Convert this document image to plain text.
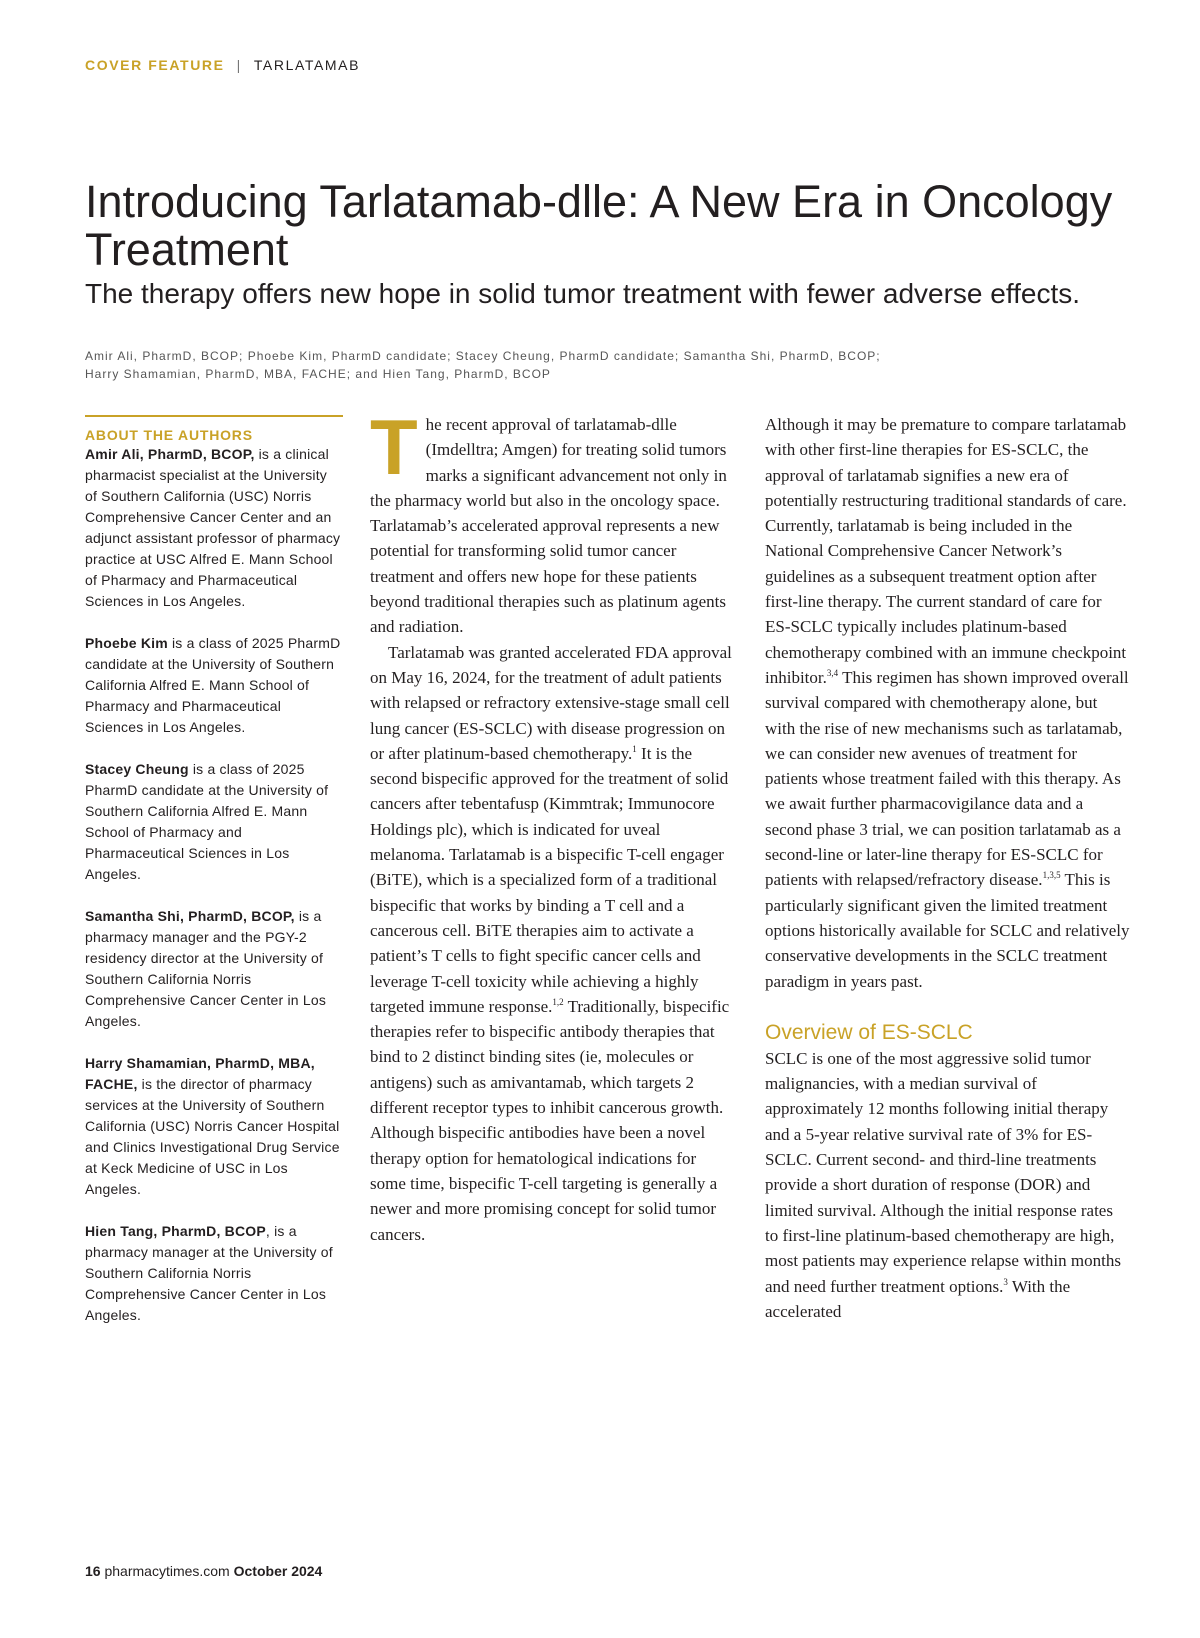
COVER FEATURE | TARLATAMAB
Introducing Tarlatamab-dlle: A New Era in Oncology Treatment
The therapy offers new hope in solid tumor treatment with fewer adverse effects.

Amir Ali, PharmD, BCOP; Phoebe Kim, PharmD candidate; Stacey Cheung, PharmD candidate; Samantha Shi, PharmD, BCOP;
Harry Shamamian, PharmD, MBA, FACHE; and Hien Tang, PharmD, BCOP

ABOUT THE AUTHORS

Amir Ali, PharmD, BCOP, is a clinical pharmacist specialist at the University of Southern California (USC) Norris Comprehensive Cancer Center and an adjunct assistant professor of pharmacy practice at USC Alfred E. Mann School of Pharmacy and Pharmaceutical Sciences in Los Angeles.

Phoebe Kim is a class of 2025 PharmD candidate at the University of Southern California Alfred E. Mann School of Pharmacy and Pharmaceutical Sciences in Los Angeles.

Stacey Cheung is a class of 2025 PharmD candidate at the University of Southern California Alfred E. Mann School of Pharmacy and Pharmaceutical Sciences in Los Angeles.

Samantha Shi, PharmD, BCOP, is a pharmacy manager and the PGY-2 residency director at the University of Southern California Norris Comprehensive Cancer Center in Los Angeles.

Harry Shamamian, PharmD, MBA, FACHE, is the director of pharmacy services at the University of Southern California (USC) Norris Cancer Hospital and Clinics Investigational Drug Service at Keck Medicine of USC in Los Angeles.

Hien Tang, PharmD, BCOP, is a pharmacy manager at the University of Southern California Norris Comprehensive Cancer Center in Los Angeles.

The recent approval of tarlatamab-dlle (Imdelltra; Amgen) for treating solid tumors marks a significant advancement not only in the pharmacy world but also in the oncology space. Tarlatamab’s accelerated approval represents a new potential for transforming solid tumor cancer treatment and offers new hope for these patients beyond traditional therapies such as platinum agents and radiation.

Tarlatamab was granted accelerated FDA approval on May 16, 2024, for the treatment of adult patients with relapsed or refractory extensive-stage small cell lung cancer (ES-SCLC) with disease progression on or after platinum-based chemotherapy.$^1$ It is the second bispecific approved for the treatment of solid cancers after tebentafusp (Kimmtrak; Immunocore Holdings plc), which is indicated for uveal melanoma. Tarlatamab is a bispecific T-cell engager (BiTE), which is a specialized form of a traditional bispecific that works by binding a T cell and a cancerous cell. BiTE therapies aim to activate a patient’s T cells to fight specific cancer cells and leverage T-cell toxicity while achieving a highly targeted immune response.$^{1,2}$ Traditionally, bispecific therapies refer to bispecific antibody therapies that bind to 2 distinct binding sites (ie, molecules or antigens) such as amivantamab, which targets 2 different receptor types to inhibit cancerous growth. Although bispecific antibodies have been a novel therapy option for hematological indications for some time, bispecific T-cell targeting is generally a newer and more promising concept for solid tumor cancers.

Although it may be premature to compare tarlatamab with other first-line therapies for ES-SCLC, the approval of tarlatamab signifies a new era of potentially restructuring traditional standards of care. Currently, tarlatamab is being included in the National Comprehensive Cancer Network’s guidelines as a subsequent treatment option after first-line therapy. The current standard of care for ES-SCLC typically includes platinum-based chemotherapy combined with an immune checkpoint inhibitor.$^{3,4}$ This regimen has shown improved overall survival compared with chemotherapy alone, but with the rise of new mechanisms such as tarlatamab, we can consider new avenues of treatment for patients whose treatment failed with this therapy. As we await further pharmacovigilance data and a second phase 3 trial, we can position tarlatamab as a second-line or later-line therapy for ES-SCLC for patients with relapsed/refractory disease.$^{1,3,5}$ This is particularly significant given the limited treatment options historically available for SCLC and relatively conservative developments in the SCLC treatment paradigm in years past.

Overview of ES-SCLC

SCLC is one of the most aggressive solid tumor malignancies, with a median survival of approximately 12 months following initial therapy and a 5-year relative survival rate of 3% for ES-SCLC. Current second- and third-line treatments provide a short duration of response (DOR) and limited survival. Although the initial response rates to first-line platinum-based chemotherapy are high, most patients may experience relapse within months and need further treatment options.$^3$ With the accelerated

16 pharmacytimes.com October 2024
